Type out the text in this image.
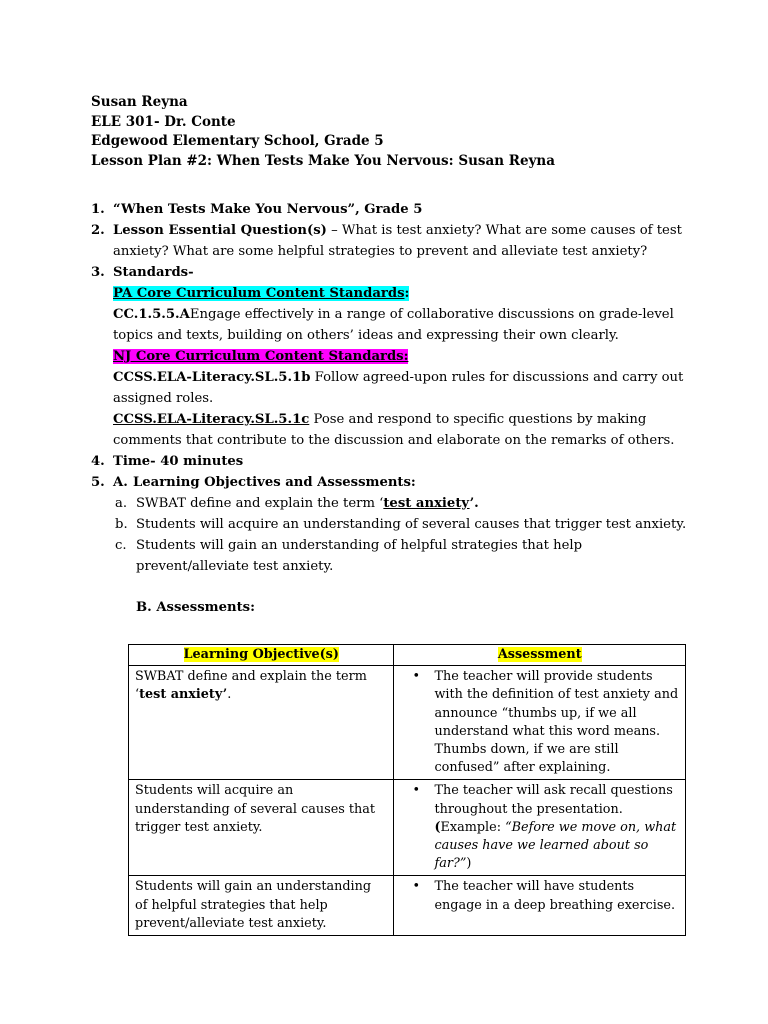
Susan Reyna
ELE 301- Dr. Conte
Edgewood Elementary School, Grade 5
Lesson Plan #2: When Tests Make You Nervous: Susan Reyna
1. “When Tests Make You Nervous”, Grade 5
2. Lesson Essential Question(s) – What is test anxiety? What are some causes of test anxiety? What are some helpful strategies to prevent and alleviate test anxiety?
3. Standards-
PA Core Curriculum Content Standards:
CC.1.5.5.AEngage effectively in a range of collaborative discussions on grade-level topics and texts, building on others’ ideas and expressing their own clearly.
NJ Core Curriculum Content Standards:
CCSS.ELA-Literacy.SL.5.1b Follow agreed-upon rules for discussions and carry out assigned roles.
CCSS.ELA-Literacy.SL.5.1c Pose and respond to specific questions by making comments that contribute to the discussion and elaborate on the remarks of others.
4. Time- 40 minutes
5. A. Learning Objectives and Assessments:
a. SWBAT define and explain the term ‘test anxiety’.
b. Students will acquire an understanding of several causes that trigger test anxiety.
c. Students will gain an understanding of helpful strategies that help prevent/alleviate test anxiety.
B. Assessments:
Learning Objective(s)	Assessment
SWBAT define and explain the term ‘test anxiety’.	• The teacher will provide students with the definition of test anxiety and announce “thumbs up, if we all understand what this word means. Thumbs down, if we are still confused” after explaining.
Students will acquire an understanding of several causes that trigger test anxiety.	• The teacher will ask recall questions throughout the presentation. (Example: “Before we move on, what causes have we learned about so far?”)
Students will gain an understanding of helpful strategies that help prevent/alleviate test anxiety.	• The teacher will have students engage in a deep breathing exercise.
